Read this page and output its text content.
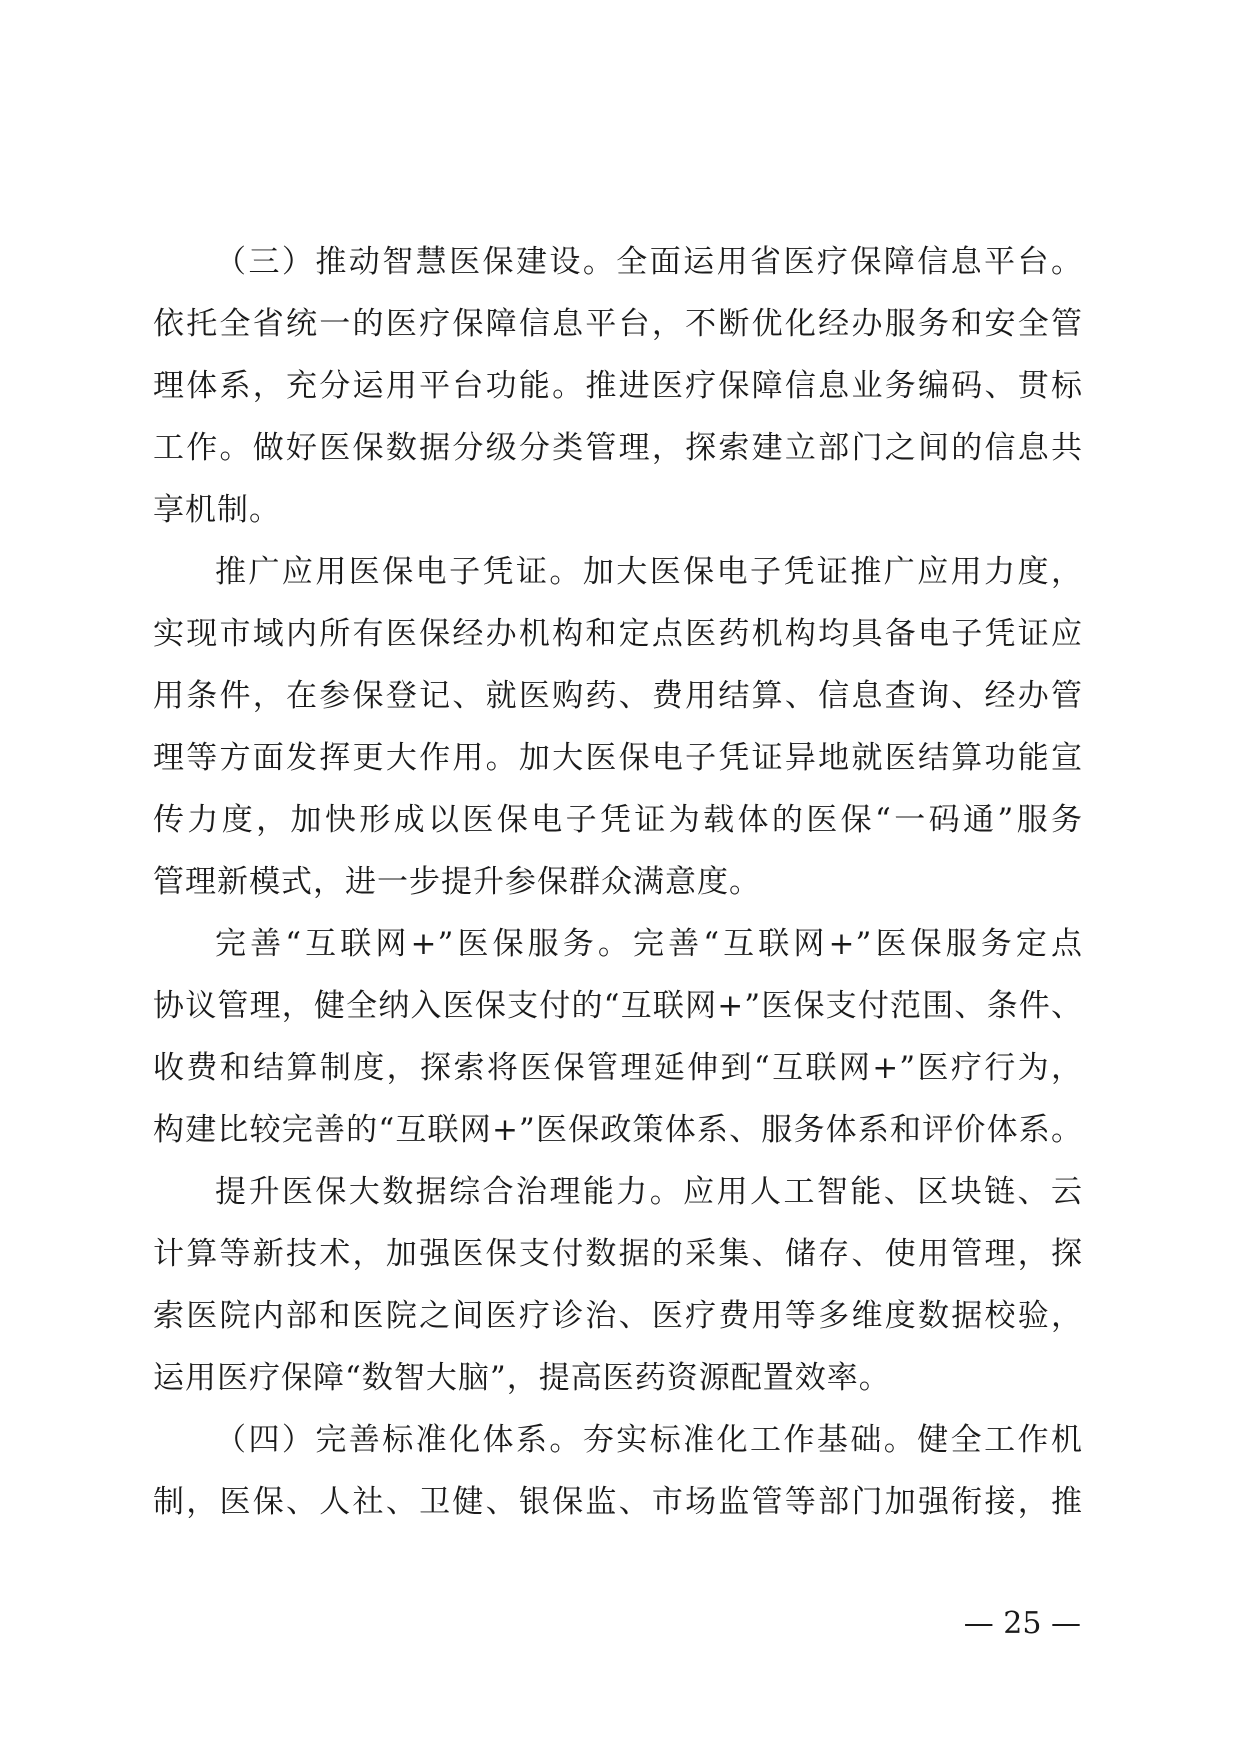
（三）推动智慧医保建设。全面运用省医疗保障信息平台。
依托全省统一的医疗保障信息平台，不断优化经办服务和安全管
理体系，充分运用平台功能。推进医疗保障信息业务编码、贯标
工作。做好医保数据分级分类管理，探索建立部门之间的信息共
享机制。
推广应用医保电子凭证。加大医保电子凭证推广应用力度，
实现市域内所有医保经办机构和定点医药机构均具备电子凭证应
用条件，在参保登记、就医购药、费用结算、信息查询、经办管
理等方面发挥更大作用。加大医保电子凭证异地就医结算功能宣
传力度，加快形成以医保电子凭证为载体的医保“一码通”服务
管理新模式，进一步提升参保群众满意度。
完善“互联网+”医保服务。完善“互联网+”医保服务定点
协议管理，健全纳入医保支付的“互联网+”医保支付范围、条件、
收费和结算制度，探索将医保管理延伸到“互联网+”医疗行为，
构建比较完善的“互联网+”医保政策体系、服务体系和评价体系。
提升医保大数据综合治理能力。应用人工智能、区块链、云
计算等新技术，加强医保支付数据的采集、储存、使用管理，探
索医院内部和医院之间医疗诊治、医疗费用等多维度数据校验，
运用医疗保障“数智大脑”，提高医药资源配置效率。
（四）完善标准化体系。夯实标准化工作基础。健全工作机
制，医保、人社、卫健、银保监、市场监管等部门加强衔接，推
— 25 —
